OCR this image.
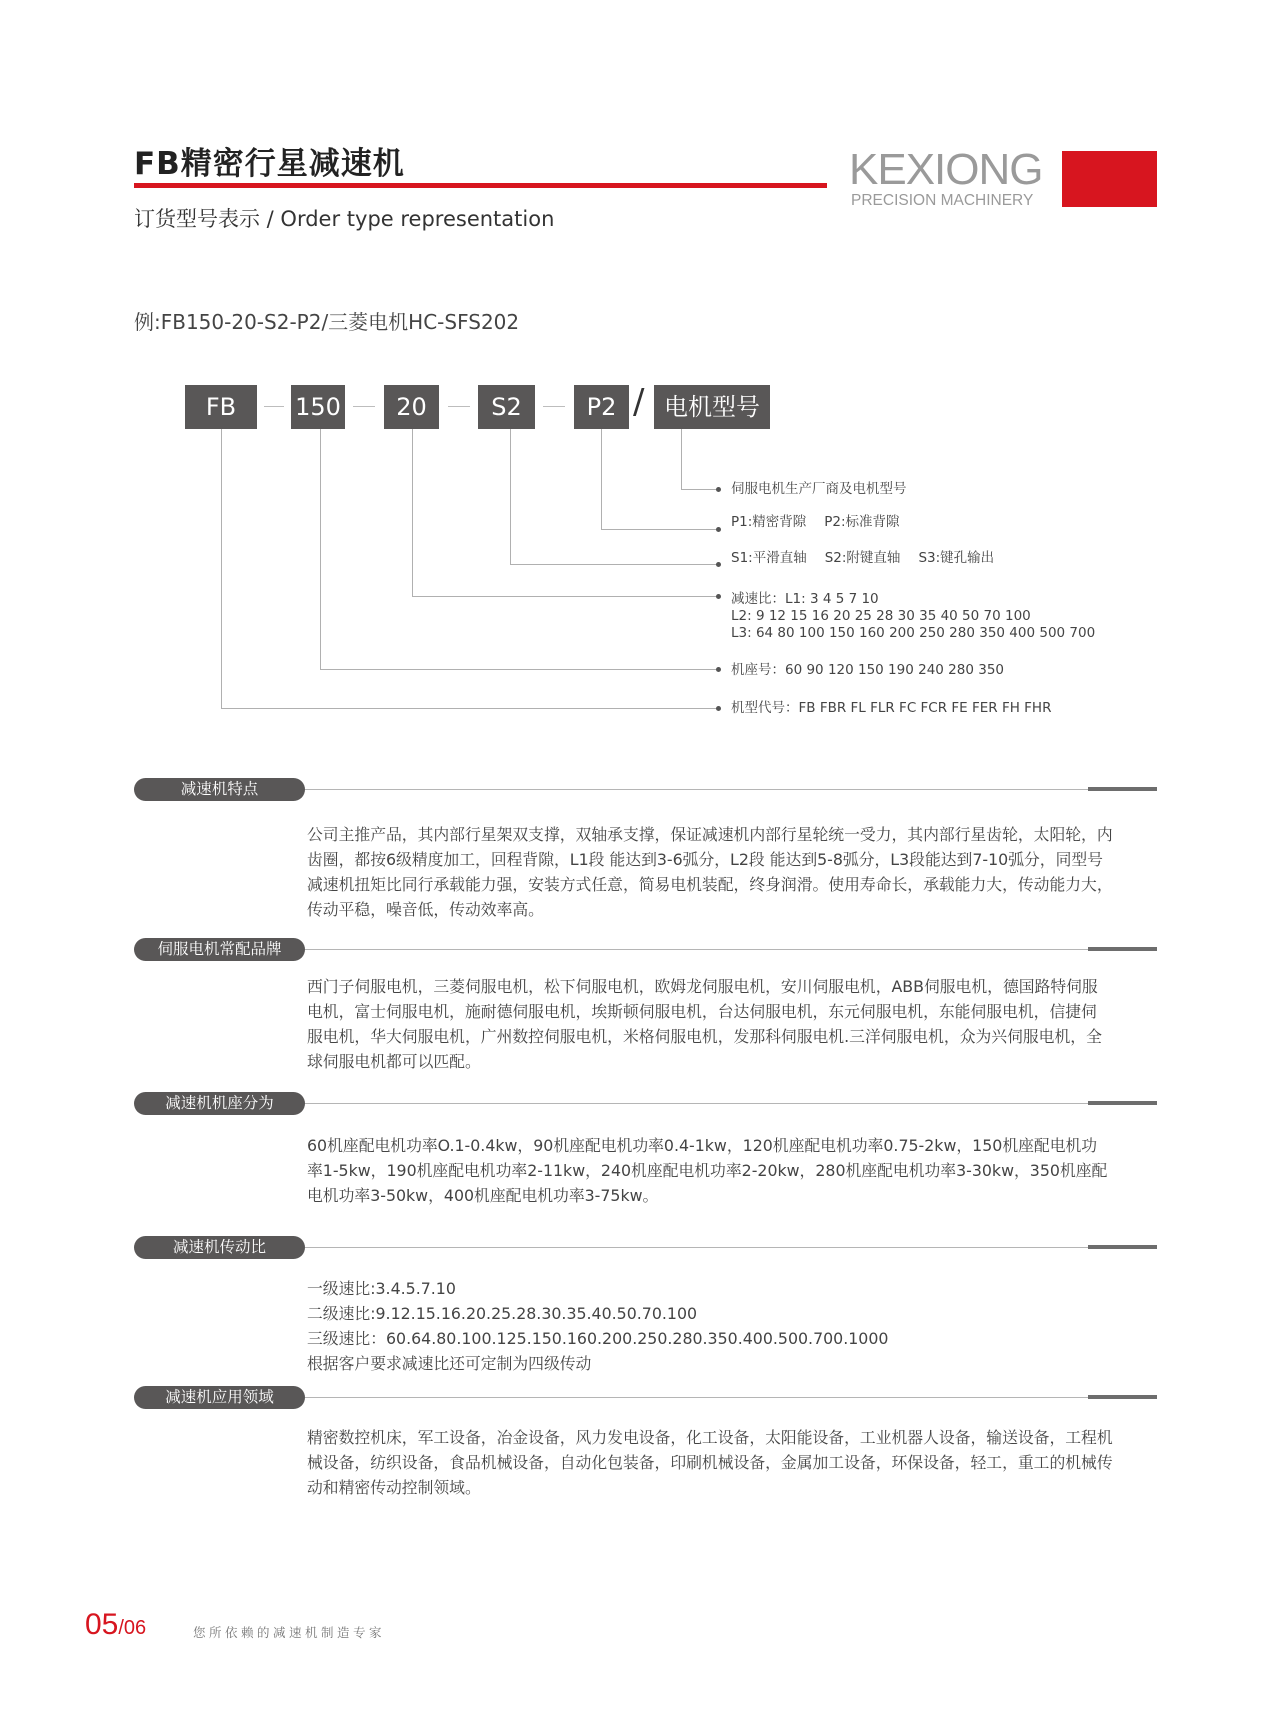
FB精密行星减速机
订货型号表示 / Order type representation
KEXIONG
PRECISION MACHINERY
例:FB150-20-S2-P2/三菱电机HC-SFS202
FB	150	20	S2	P2 / 电机型号
伺服电机生产厂商及电机型号
P1:精密背隙 P2:标准背隙
S1:平滑直轴 S2:附键直轴 S3:键孔输出
减速比：L1: 3 4 5 7 10
L2: 9 12 15 16 20 25 28 30 35 40 50 70 100
L3: 64 80 100 150 160 200 250 280 350 400 500 700
机座号：60 90 120 150 190 240 280 350
机型代号：FB FBR FL FLR FC FCR FE FER FH FHR
减速机特点
公司主推产品，其内部行星架双支撑，双轴承支撑，保证减速机内部行星轮统一受力，其内部行星齿轮，太阳轮，内
齿圈，都按6级精度加工，回程背隙，L1段 能达到3-6弧分，L2段 能达到5-8弧分，L3段能达到7-10弧分，同型号
减速机扭矩比同行承载能力强，安装方式任意，简易电机装配，终身润滑。使用寿命长，承载能力大，传动能力大，
传动平稳，噪音低，传动效率高。
伺服电机常配品牌
西门子伺服电机，三菱伺服电机，松下伺服电机，欧姆龙伺服电机，安川伺服电机，ABB伺服电机，德国路特伺服
电机，富士伺服电机，施耐德伺服电机，埃斯顿伺服电机，台达伺服电机，东元伺服电机，东能伺服电机，信捷伺
服电机，华大伺服电机，广州数控伺服电机，米格伺服电机，发那科伺服电机.三洋伺服电机，众为兴伺服电机，全
球伺服电机都可以匹配。
减速机机座分为
60机座配电机功率O.1-0.4kw，90机座配电机功率0.4-1kw，120机座配电机功率0.75-2kw，150机座配电机功
率1-5kw，190机座配电机功率2-11kw，240机座配电机功率2-20kw，280机座配电机功率3-30kw，350机座配
电机功率3-50kw，400机座配电机功率3-75kw。
减速机传动比
一级速比:3.4.5.7.10
二级速比:9.12.15.16.20.25.28.30.35.40.50.70.100
三级速比：60.64.80.100.125.150.160.200.250.280.350.400.500.700.1000
根据客户要求减速比还可定制为四级传动
减速机应用领域
精密数控机床，军工设备，冶金设备，风力发电设备，化工设备，太阳能设备，工业机器人设备，输送设备，工程机
械设备，纺织设备，食品机械设备，自动化包装备，印刷机械设备，金属加工设备，环保设备，轻工，重工的机械传
动和精密传动控制领域。
05/06	您所依赖的减速机制造专家
